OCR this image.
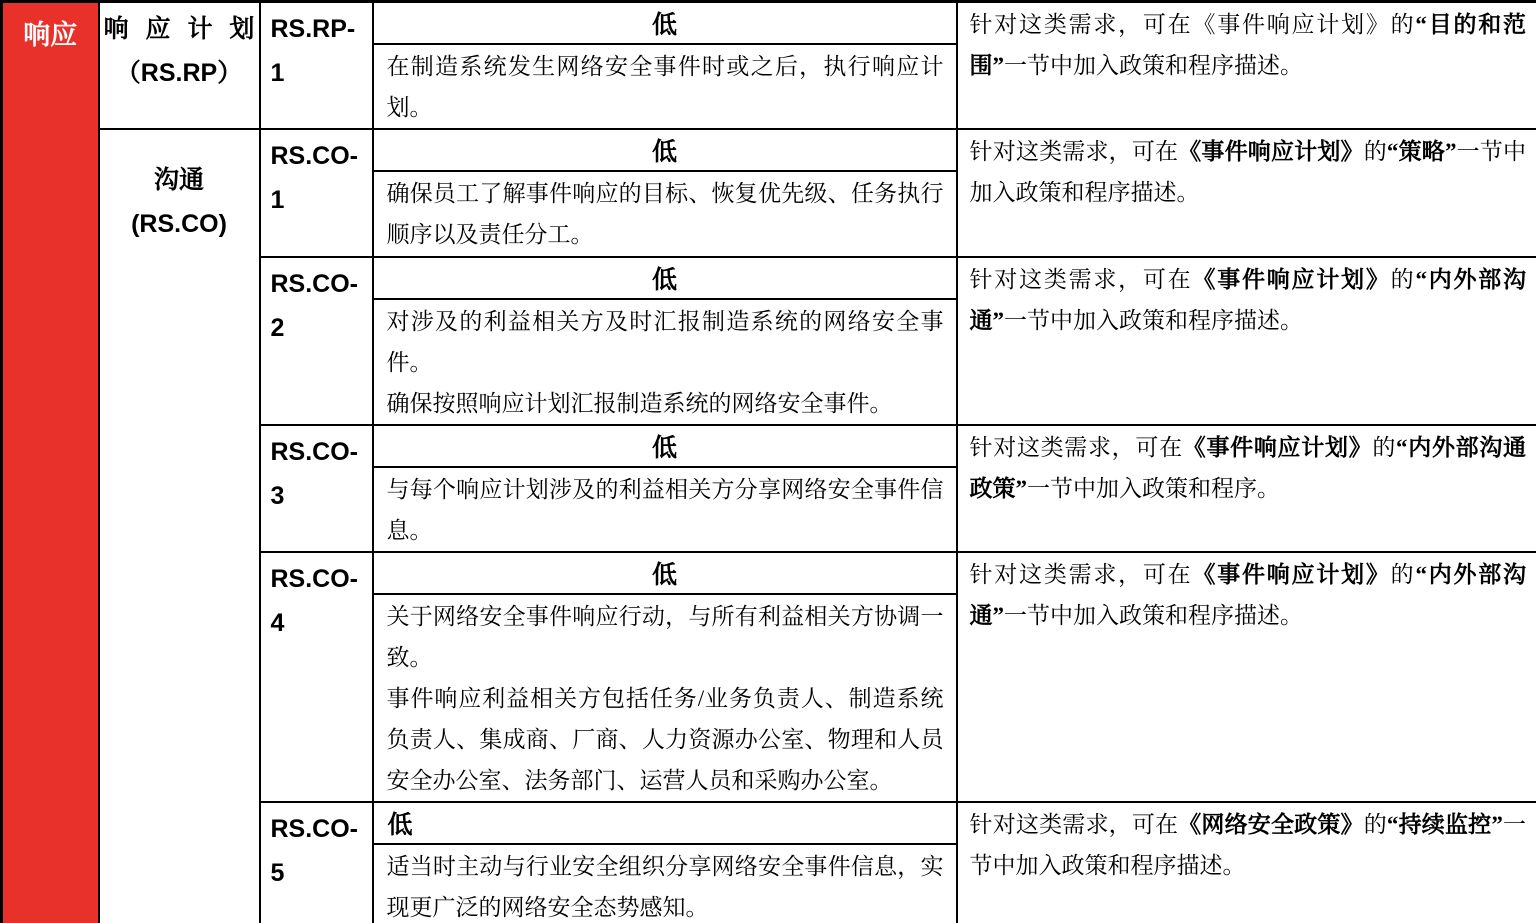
响应	响 应 计 划
（RS.RP）
	RS.RP-1	
低
在制造系统发生网络安全事件时或之后，执行响应计划。
	针对这类需求，可在《事件响应计划》的“目的和范围”一节中加入政策和程序描述。

沟通
(RS.CO)
	RS.CO-1	
低
确保员工了解事件响应的目标、恢复优先级、任务执行顺序以及责任分工。
	针对这类需求，可在《事件响应计划》的“策略”一节中加入政策和程序描述。
		RS.CO-2	低
对涉及的利益相关方及时汇报制造系统的网络安全事件。
确保按照响应计划汇报制造系统的网络安全事件。	针对这类需求，可在《事件响应计划》的“内外部沟通”一节中加入政策和程序描述。
		RS.CO-3	低
与每个响应计划涉及的利益相关方分享网络安全事件信息。	针对这类需求，可在《事件响应计划》的“内外部沟通政策”一节中加入政策和程序。
		RS.CO-4	低
关于网络安全事件响应行动，与所有利益相关方协调一致。
事件响应利益相关方包括任务/业务负责人、制造系统负责人、集成商、厂商、人力资源办公室、物理和人员安全办公室、法务部门、运营人员和采购办公室。	针对这类需求，可在《事件响应计划》的“内外部沟通”一节中加入政策和程序描述。
		RS.CO-5	低
适当时主动与行业安全组织分享网络安全事件信息，实现更广泛的网络安全态势感知。	针对这类需求，可在《网络安全政策》的“持续监控”一节中加入政策和程序描述。
